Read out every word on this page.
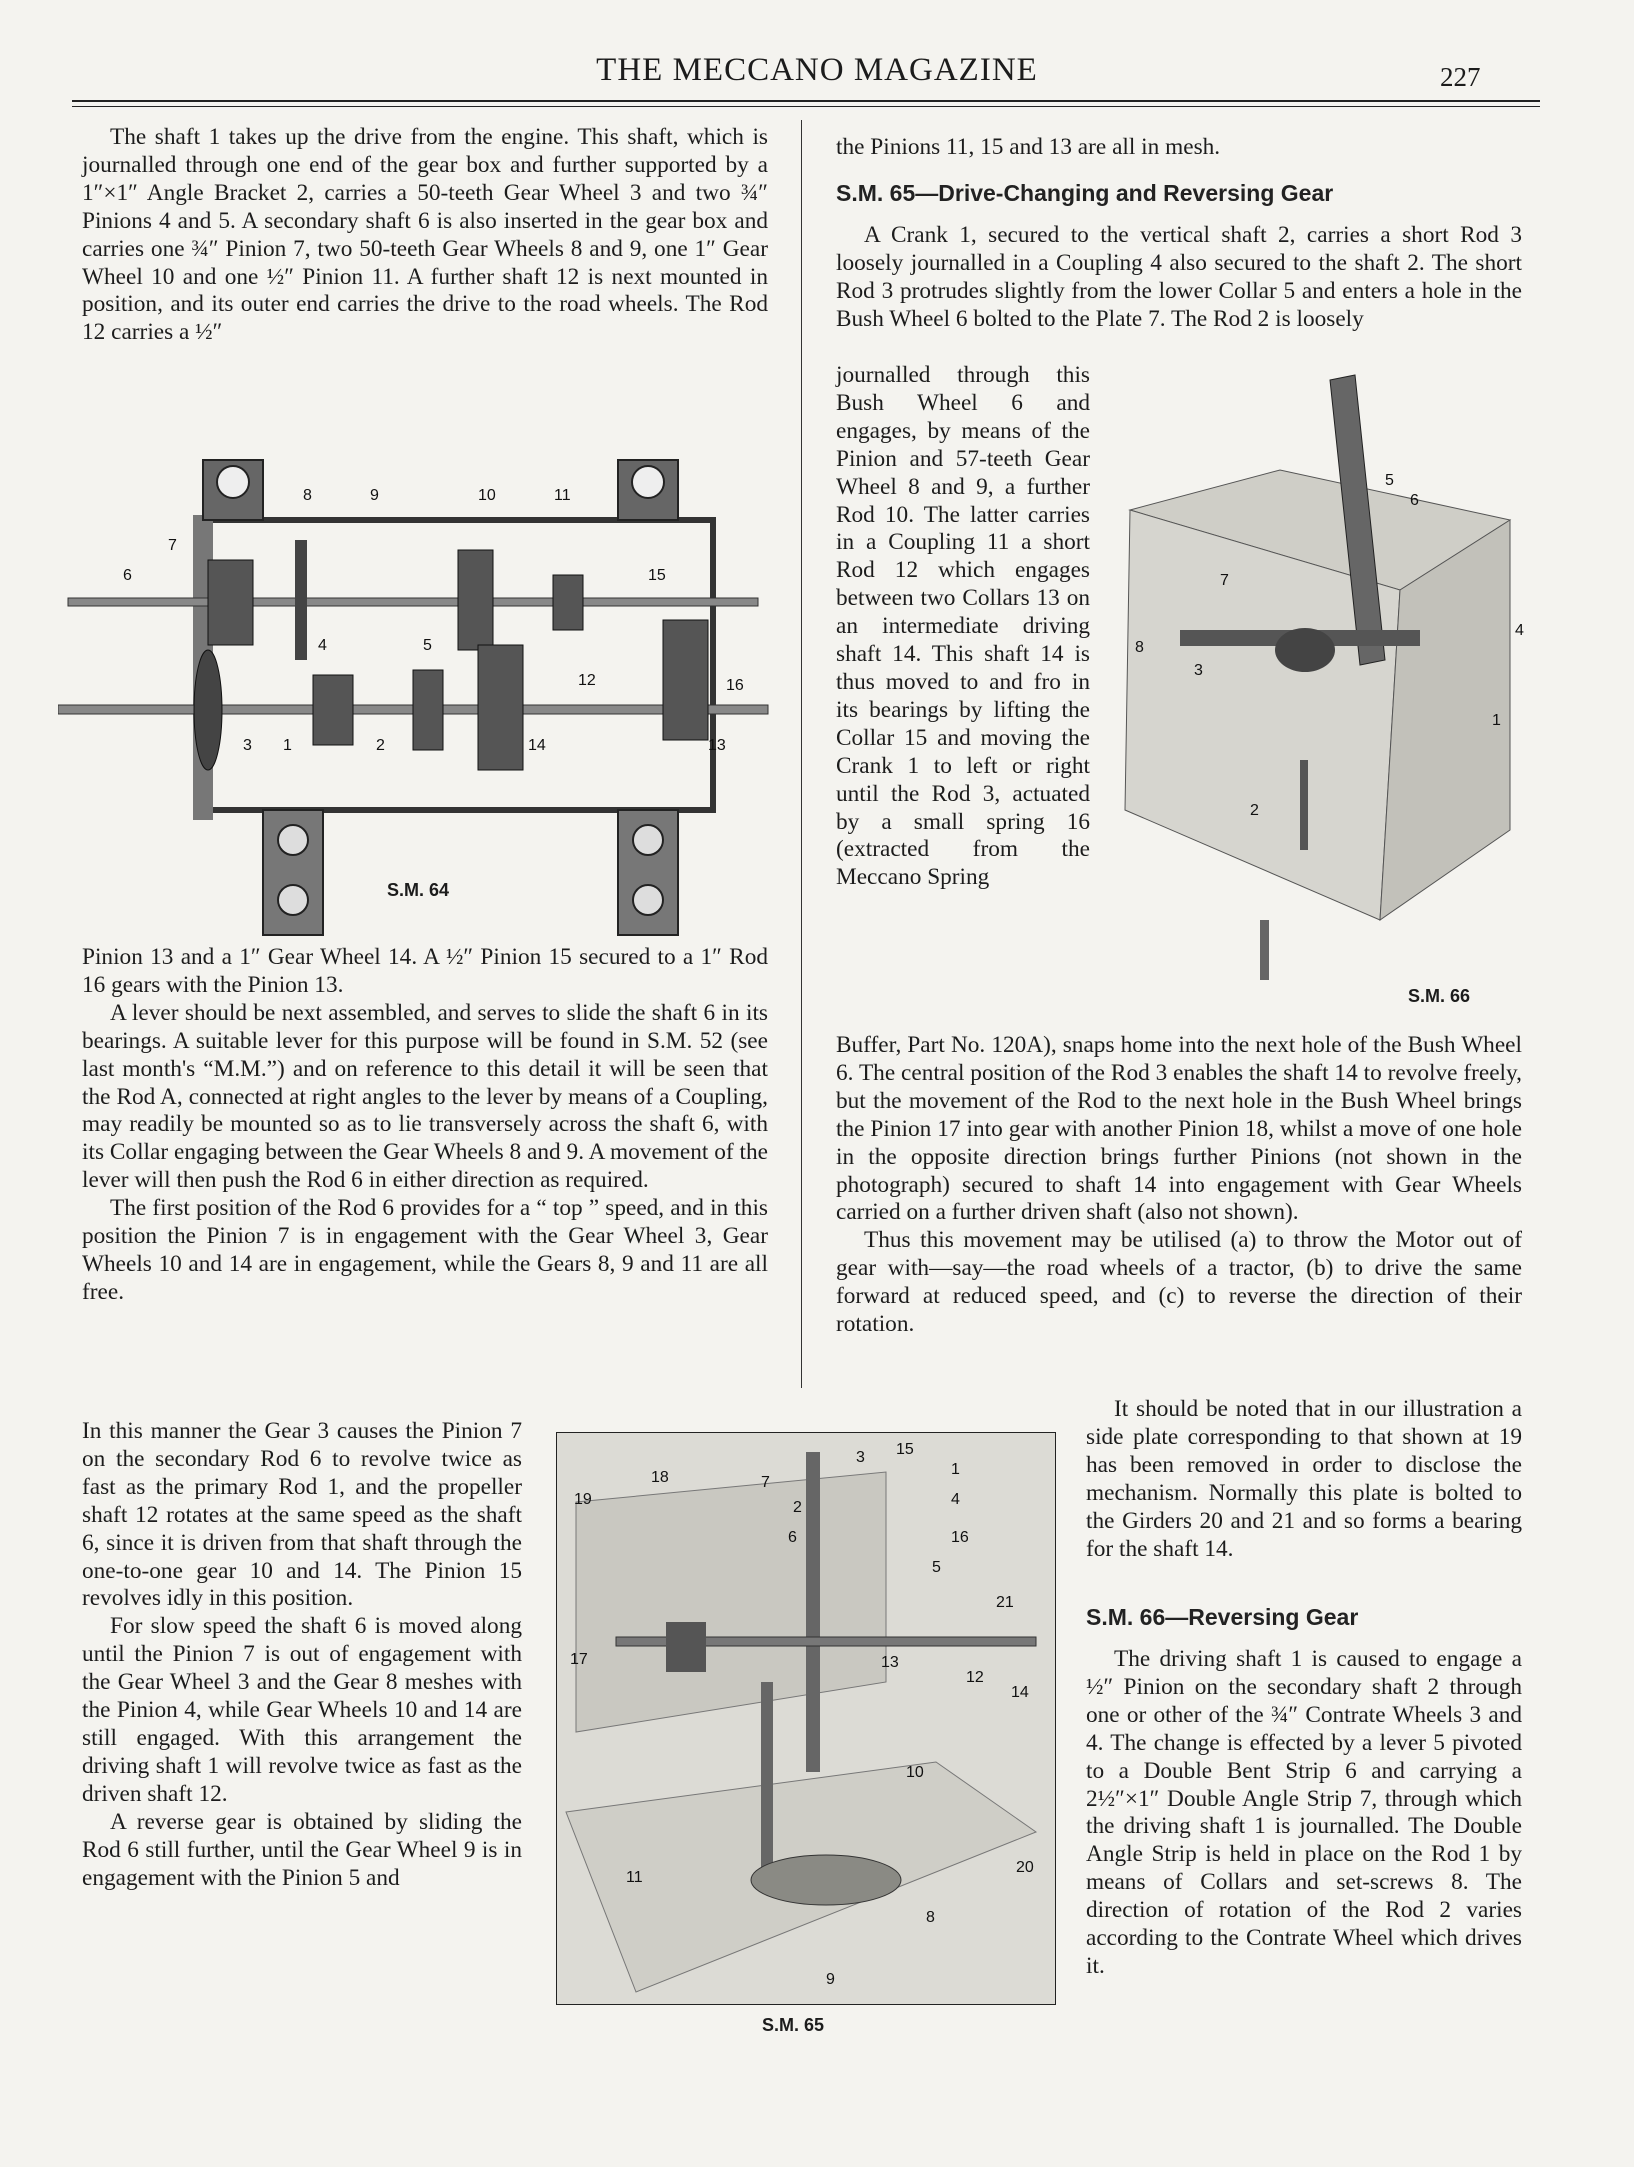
THE MECCANO MAGAZINE	227

The shaft 1 takes up the drive from the engine. This shaft, which is journalled through one end of the gear box and further supported by a 1″×1″ Angle Bracket 2, carries a 50-teeth Gear Wheel 3 and two ¾″ Pinions 4 and 5. A secondary shaft 6 is also inserted in the gear box and carries one ¾″ Pinion 7, two 50-teeth Gear Wheels 8 and 9, one 1″ Gear Wheel 10 and one ½″ Pinion 11. A further shaft 12 is next mounted in position, and its outer end carries the drive to the road wheels. The Rod 12 carries a ½″

8	9	10	11
7
6	15
4	5
12	16
3 1	2	14	13
S.M. 64

Pinion 13 and a 1″ Gear Wheel 14. A ½″ Pinion 15 secured to a 1″ Rod 16 gears with the Pinion 13.

A lever should be next assembled, and serves to slide the shaft 6 in its bearings. A suitable lever for this purpose will be found in S.M. 52 (see last month's “M.M.”) and on reference to this detail it will be seen that the Rod A, connected at right angles to the lever by means of a Coupling, may readily be mounted so as to lie transversely across the shaft 6, with its Collar engaging between the Gear Wheels 8 and 9. A movement of the lever will then push the Rod 6 in either direction as required.

The first position of the Rod 6 provides for a “ top ” speed, and in this position the Pinion 7 is in engagement with the Gear Wheel 3, Gear Wheels 10 and 14 are in engagement, while the Gears 8, 9 and 11 are all free.

In this manner the Gear 3 causes the Pinion 7 on the secondary Rod 6 to revolve twice as fast as the primary Rod 1, and the propeller shaft 12 rotates at the same speed as the shaft 6, since it is driven from that shaft through the one-to-one gear 10 and 14. The Pinion 15 revolves idly in this position.

For slow speed the shaft 6 is moved along until the Pinion 7 is out of engagement with the Gear Wheel 3 and the Gear 8 meshes with the Pinion 4, while Gear Wheels 10 and 14 are still engaged. With this arrangement the driving shaft 1 will revolve twice as fast as the driven shaft 12.

A reverse gear is obtained by sliding the Rod 6 still further, until the Gear Wheel 9 is in engagement with the Pinion 5 and

3 15
18	7
1
19	2	4
6	16
5
21
17	13
12
14
10
20
11
8
9
S.M. 65

the Pinions 11, 15 and 13 are all in mesh.

S.M. 65—Drive-Changing and Reversing Gear

A Crank 1, secured to the vertical shaft 2, carries a short Rod 3 loosely journalled in a Coupling 4 also secured to the shaft 2. The short Rod 3 protrudes slightly from the lower Collar 5 and enters a hole in the Bush Wheel 6 bolted to the Plate 7. The Rod 2 is loosely

journalled through this Bush Wheel 6 and engages, by means of the Pinion and 57-teeth Gear Wheel 8 and 9, a further Rod 10. The latter carries in a Coupling 11 a short Rod 12 which engages between two Collars 13 on an intermediate driving shaft 14. This shaft 14 is thus moved to and fro in its bearings by lifting the Collar 15 and moving the Crank 1 to left or right until the Rod 3, actuated by a small spring 16 (extracted from the Meccano Spring

5
6
7
8
3
4
2
1
S.M. 66

Buffer, Part No. 120A), snaps home into the next hole of the Bush Wheel 6. The central position of the Rod 3 enables the shaft 14 to revolve freely, but the movement of the Rod to the next hole in the Bush Wheel brings the Pinion 17 into gear with another Pinion 18, whilst a move of one hole in the opposite direction brings further Pinions (not shown in the photograph) secured to shaft 14 into engagement with Gear Wheels carried on a further driven shaft (also not shown).

Thus this movement may be utilised (a) to throw the Motor out of gear with—say—the road wheels of a tractor, (b) to drive the same forward at reduced speed, and (c) to reverse the direction of their rotation.

It should be noted that in our illustration a side plate corresponding to that shown at 19 has been removed in order to disclose the mechanism. Normally this plate is bolted to the Girders 20 and 21 and so forms a bearing for the shaft 14.

S.M. 66—Reversing Gear

The driving shaft 1 is caused to engage a ½″ Pinion on the secondary shaft 2 through one or other of the ¾″ Contrate Wheels 3 and 4. The change is effected by a lever 5 pivoted to a Double Bent Strip 6 and carrying a 2½″×1″ Double Angle Strip 7, through which the driving shaft 1 is journalled. The Double Angle Strip is held in place on the Rod 1 by means of Collars and set-screws 8. The direction of rotation of the Rod 2 varies according to the Contrate Wheel which drives it.
